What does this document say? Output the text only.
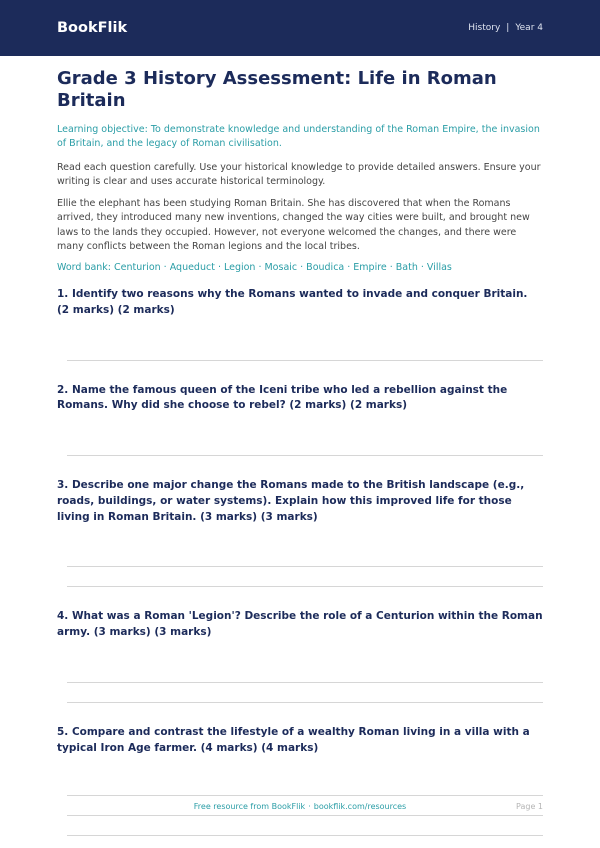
BookFlik	History | Year 4
Grade 3 History Assessment: Life in Roman Britain

Learning objective: To demonstrate knowledge and understanding of the Roman Empire, the invasion of Britain, and the legacy of Roman civilisation.

Read each question carefully. Use your historical knowledge to provide detailed answers. Ensure your writing is clear and uses accurate historical terminology.

Ellie the elephant has been studying Roman Britain. She has discovered that when the Romans arrived, they introduced many new inventions, changed the way cities were built, and brought new laws to the lands they occupied. However, not everyone welcomed the changes, and there were many conflicts between the Roman legions and the local tribes.

Word bank: Centurion · Aqueduct · Legion · Mosaic · Boudica · Empire · Bath · Villas

1. Identify two reasons why the Romans wanted to invade and conquer Britain. (2 marks) (2 marks)

2. Name the famous queen of the Iceni tribe who led a rebellion against the Romans. Why did she choose to rebel? (2 marks) (2 marks)

3. Describe one major change the Romans made to the British landscape (e.g., roads, buildings, or water systems). Explain how this improved life for those living in Roman Britain. (3 marks) (3 marks)

4. What was a Roman 'Legion'? Describe the role of a Centurion within the Roman army. (3 marks) (3 marks)

5. Compare and contrast the lifestyle of a wealthy Roman living in a villa with a typical Iron Age farmer. (4 marks) (4 marks)

Free resource from BookFlik · bookflik.com/resources	Page 1
